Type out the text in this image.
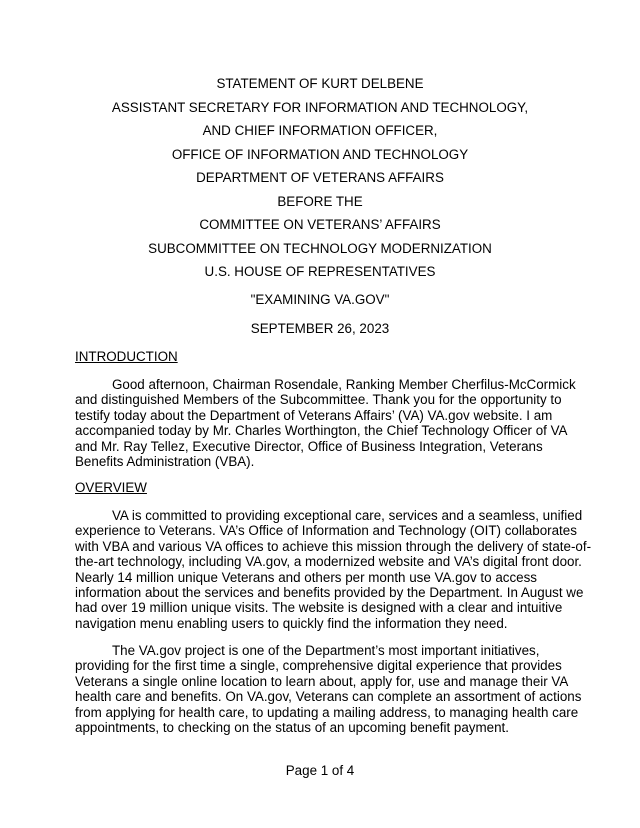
STATEMENT OF KURT DELBENE
ASSISTANT SECRETARY FOR INFORMATION AND TECHNOLOGY,
AND CHIEF INFORMATION OFFICER,
OFFICE OF INFORMATION AND TECHNOLOGY
DEPARTMENT OF VETERANS AFFAIRS
BEFORE THE
COMMITTEE ON VETERANS’ AFFAIRS
SUBCOMMITTEE ON TECHNOLOGY MODERNIZATION
U.S. HOUSE OF REPRESENTATIVES
"EXAMINING VA.GOV"
SEPTEMBER 26, 2023
INTRODUCTION
Good afternoon, Chairman Rosendale, Ranking Member Cherfilus-McCormick
and distinguished Members of the Subcommittee. Thank you for the opportunity to
testify today about the Department of Veterans Affairs’ (VA) VA.gov website. I am
accompanied today by Mr. Charles Worthington, the Chief Technology Officer of VA
and Mr. Ray Tellez, Executive Director, Office of Business Integration, Veterans
Benefits Administration (VBA).
OVERVIEW
VA is committed to providing exceptional care, services and a seamless, unified
experience to Veterans. VA’s Office of Information and Technology (OIT) collaborates
with VBA and various VA offices to achieve this mission through the delivery of state-of-
the-art technology, including VA.gov, a modernized website and VA’s digital front door.
Nearly 14 million unique Veterans and others per month use VA.gov to access
information about the services and benefits provided by the Department. In August we
had over 19 million unique visits. The website is designed with a clear and intuitive
navigation menu enabling users to quickly find the information they need.
The VA.gov project is one of the Department’s most important initiatives,
providing for the first time a single, comprehensive digital experience that provides
Veterans a single online location to learn about, apply for, use and manage their VA
health care and benefits. On VA.gov, Veterans can complete an assortment of actions
from applying for health care, to updating a mailing address, to managing health care
appointments, to checking on the status of an upcoming benefit payment.
Page 1 of 4
